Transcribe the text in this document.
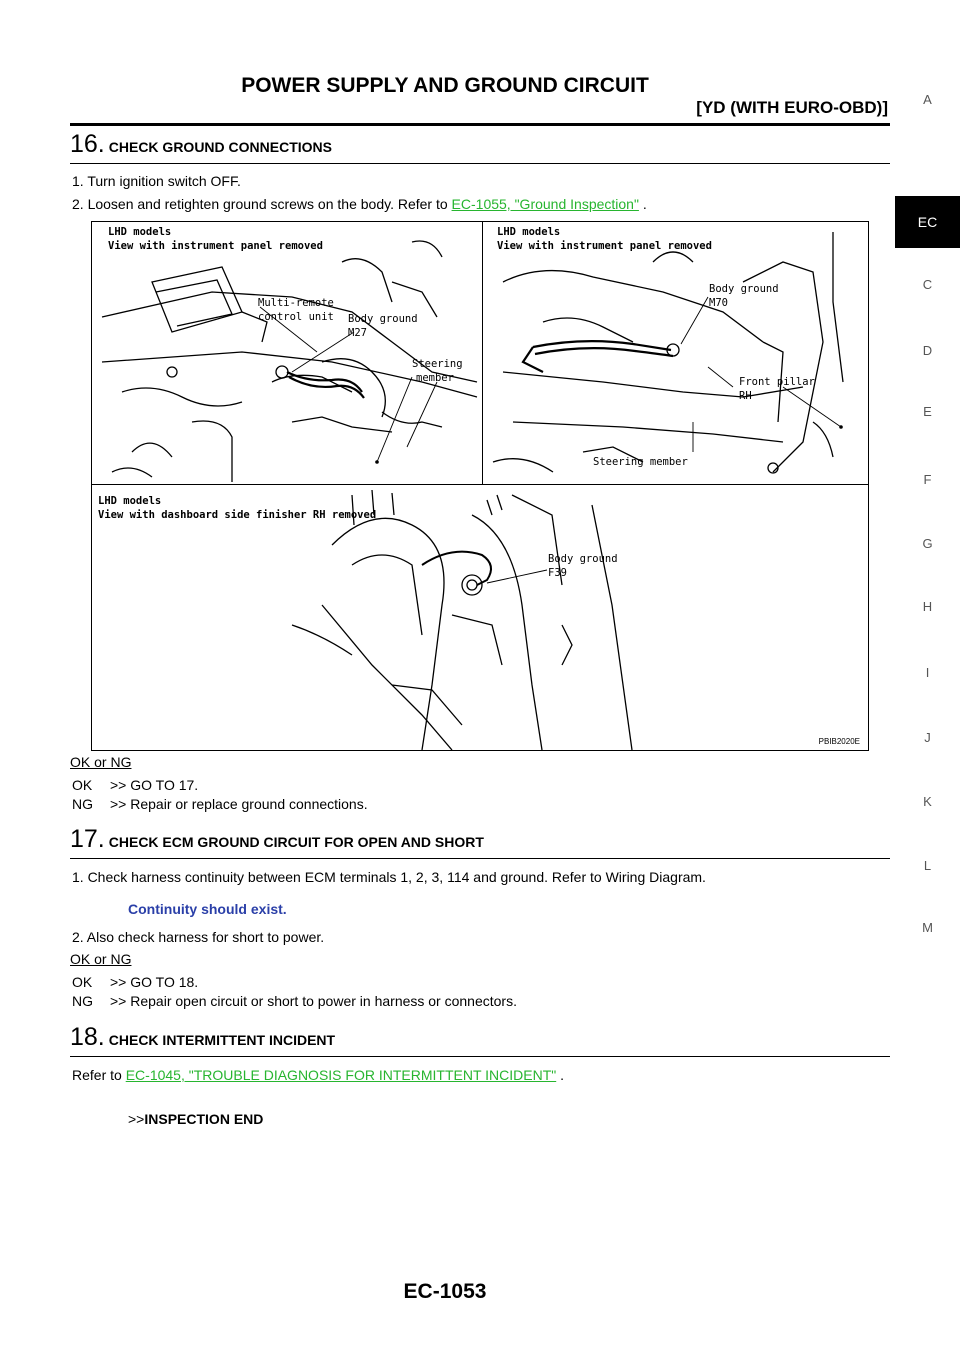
POWER SUPPLY AND GROUND CIRCUIT
[YD (WITH EURO-OBD)]	A
EC
C
D
E
F
G
H
I
J
K
L
M
16. CHECK GROUND CONNECTIONS
1. Turn ignition switch OFF.
2. Loosen and retighten ground screws on the body. Refer to EC-1055, "Ground Inspection" .
LHD models
View with instrument panel removed
Multi-remote
control unit Body ground
M27
Steering
member
LHD models
View with instrument panel removed
Body ground
M70
Front pillar
RH
Steering member
LHD models
View with dashboard side finisher RH removed
Body ground
F39
PBIB2020E
OK or NG
OK >> GO TO 17.
NG >> Repair or replace ground connections.
17. CHECK ECM GROUND CIRCUIT FOR OPEN AND SHORT
1. Check harness continuity between ECM terminals 1, 2, 3, 114 and ground. Refer to Wiring Diagram.
Continuity should exist.
2. Also check harness for short to power.
OK or NG
OK >> GO TO 18.
NG >> Repair open circuit or short to power in harness or connectors.
18. CHECK INTERMITTENT INCIDENT
Refer to EC-1045, "TROUBLE DIAGNOSIS FOR INTERMITTENT INCIDENT" .
>>INSPECTION END
EC-1053
